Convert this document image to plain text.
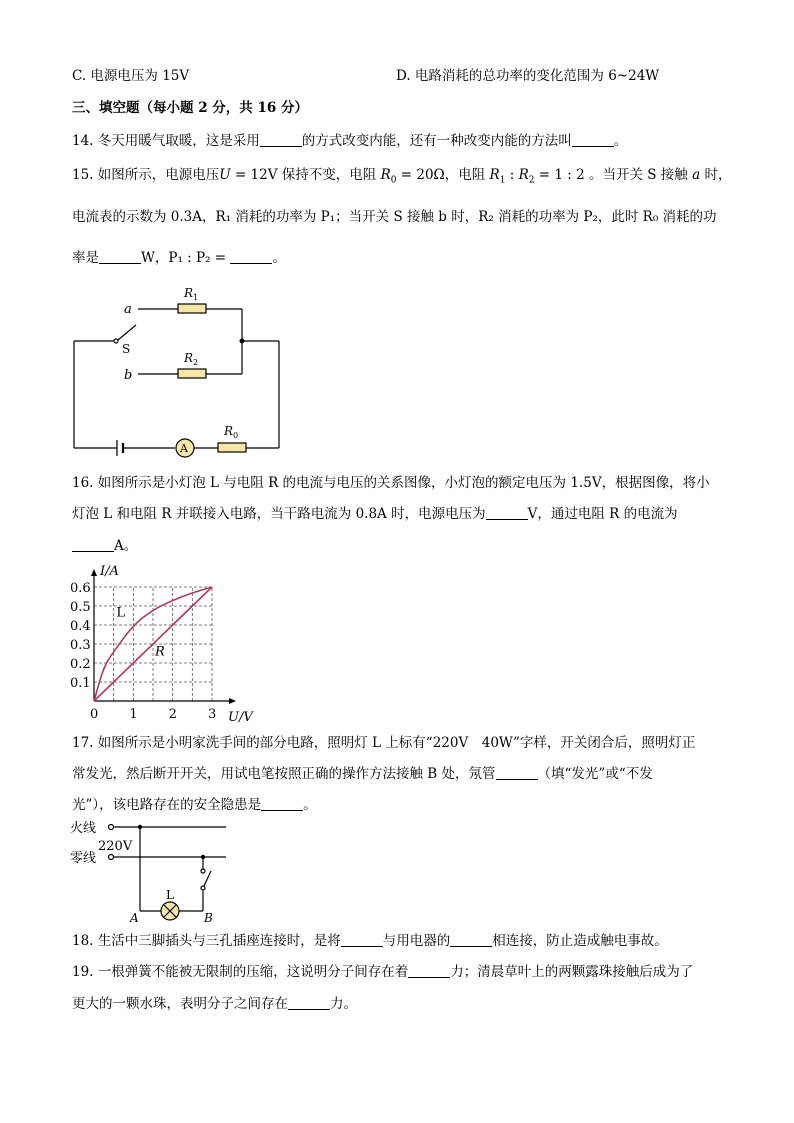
C. 电源电压为 15V	D. 电路消耗的总功率的变化范围为 6~24W
三、填空题（每小题 2 分，共 16 分）
14. 冬天用暖气取暖，这是采用	的方式改变内能，还有一种改变内能的方法叫	。
15. 如图所示，电源电压U = 12V 保持不变，电阻 $R_0 = 20\Omega$，电阻 $R_1$ : $R_2 = 1$ : 2 。当开关 S 接触 a 时，
电流表的示数为 0.3A，R₁ 消耗的功率为 P₁；当开关 S 接触 b 时，R₂ 消耗的功率为 P₂，此时 R₀ 消耗的功
率是	W，P₁ : P₂ =	。
a
b
S
R 1
R 2
R 0
A
16. 如图所示是小灯泡 L 与电阻 R 的电流与电压的关系图像，小灯泡的额定电压为 1.5V，根据图像，将小
灯泡 L 和电阻 R 并联接入电路，当干路电流为 0.8A 时，电源电压为	V，通过电阻 R 的电流为
A。
0 1 2 3
0.1
0.2
0.3
0.4
0.5
0.6
I/A
U/V
L
R
17. 如图所示是小明家洗手间的部分电路，照明灯 L 上标有“220V　40W”字样，开关闭合后，照明灯正
常发光，然后断开开关，用试电笔按照正确的操作方法接触 B 处，氖管	（填“发光”或“不发
光”），该电路存在的安全隐患是	。
火线
220V
零线
L
A	B
18. 生活中三脚插头与三孔插座连接时，是将	与用电器的	相连接，防止造成触电事故。
19. 一根弹簧不能被无限制的压缩，这说明分子间存在着	力；清晨草叶上的两颗露珠接触后成为了
更大的一颗水珠，表明分子之间存在	力。
